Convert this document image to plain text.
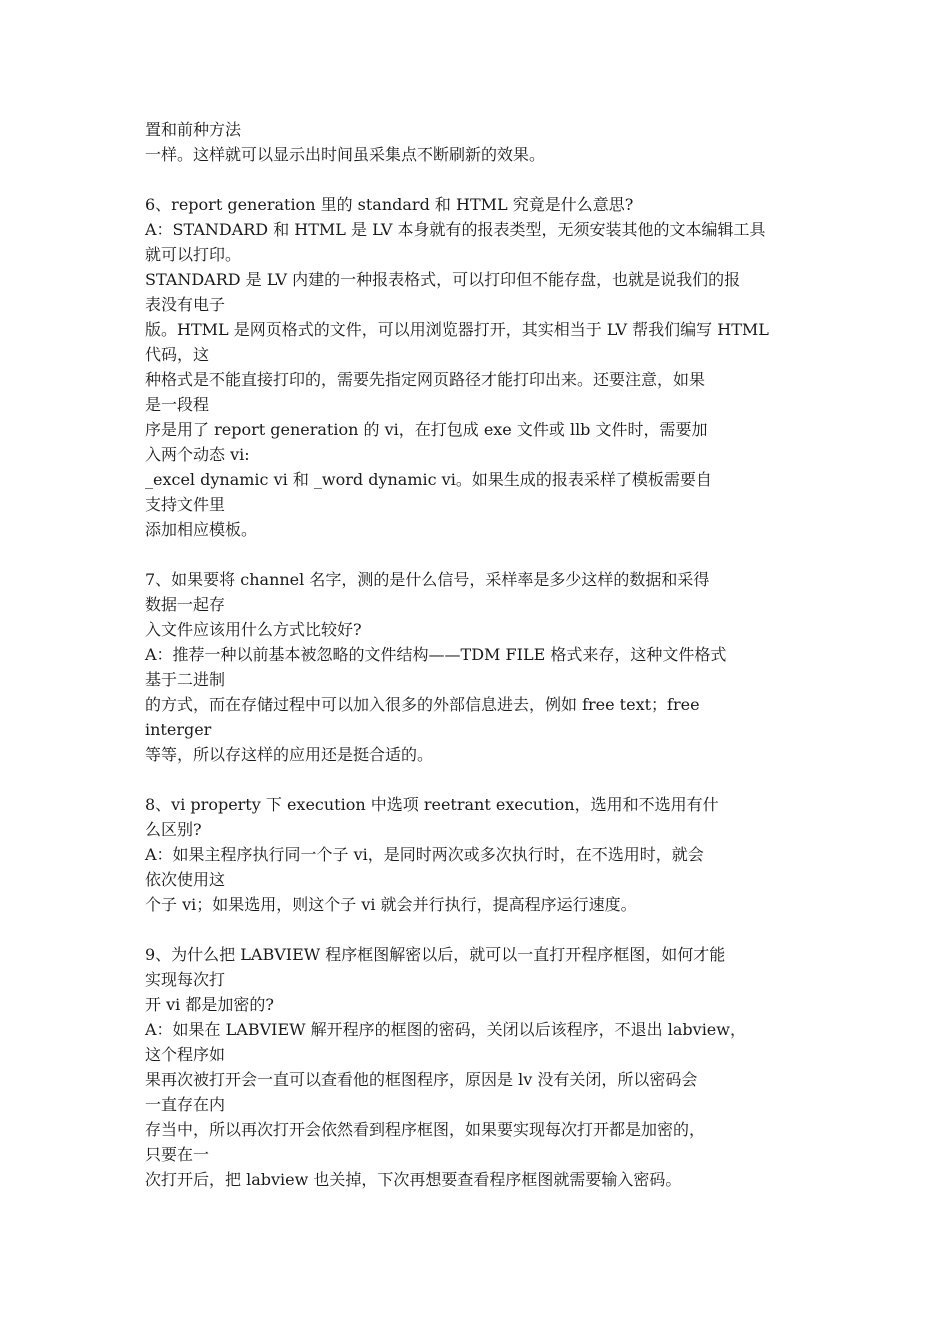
置和前种方法
一样。这样就可以显示出时间虽采集点不断刷新的效果。
6、report generation 里的 standard 和 HTML 究竟是什么意思?
A：STANDARD 和 HTML 是 LV 本身就有的报表类型，无须安装其他的文本编辑工具
就可以打印。
STANDARD 是 LV 内建的一种报表格式，可以打印但不能存盘，也就是说我们的报
表没有电子
版。HTML 是网页格式的文件，可以用浏览器打开，其实相当于 LV 帮我们编写 HTML
代码，这
种格式是不能直接打印的，需要先指定网页路径才能打印出来。还要注意，如果
是一段程
序是用了 report generation 的 vi，在打包成 exe 文件或 llb 文件时，需要加
入两个动态 vi:
_excel dynamic vi 和 _word dynamic vi。如果生成的报表采样了模板需要自
支持文件里
添加相应模板。
7、如果要将 channel 名字，测的是什么信号，采样率是多少这样的数据和采得
数据一起存
入文件应该用什么方式比较好?
A：推荐一种以前基本被忽略的文件结构——TDM FILE 格式来存，这种文件格式
基于二进制
的方式，而在存储过程中可以加入很多的外部信息进去，例如 free text；free
interger
等等，所以存这样的应用还是挺合适的。
8、vi property 下 execution 中选项 reetrant execution，选用和不选用有什
么区别?
A：如果主程序执行同一个子 vi，是同时两次或多次执行时，在不选用时，就会
依次使用这
个子 vi；如果选用，则这个子 vi 就会并行执行，提高程序运行速度。
9、为什么把 LABVIEW 程序框图解密以后，就可以一直打开程序框图，如何才能
实现每次打
开 vi 都是加密的?
A：如果在 LABVIEW 解开程序的框图的密码，关闭以后该程序，不退出 labview，
这个程序如
果再次被打开会一直可以查看他的框图程序，原因是 lv 没有关闭，所以密码会
一直存在内
存当中，所以再次打开会依然看到程序框图，如果要实现每次打开都是加密的，
只要在一
次打开后，把 labview 也关掉，下次再想要查看程序框图就需要输入密码。
